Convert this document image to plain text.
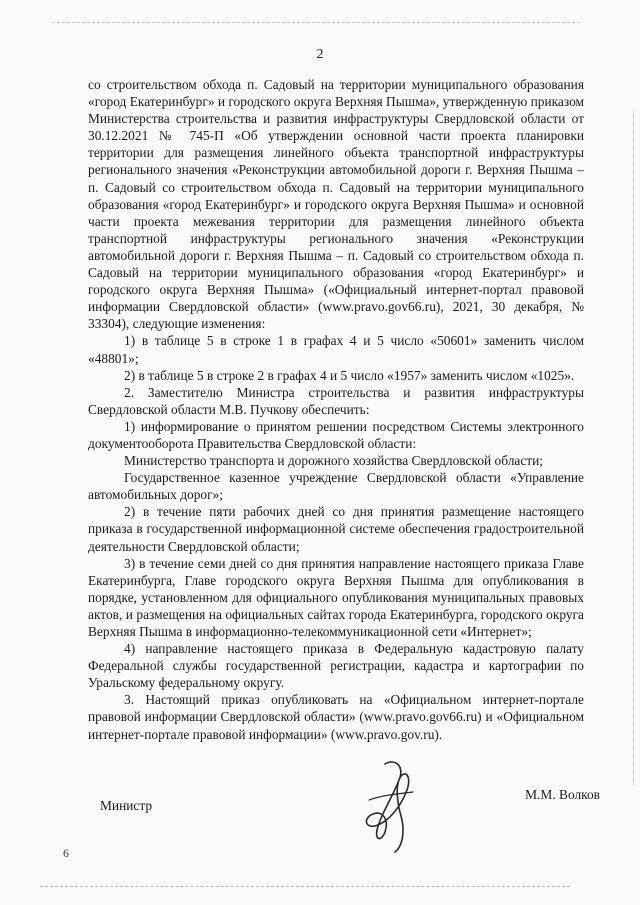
2

со строительством обхода п. Садовый на территории муниципального образования «город Екатеринбург» и городского округа Верхняя Пышма», утвержденную приказом Министерства строительства и развития инфраструктуры Свердловской области от 30.12.2021 № 745-П «Об утверждении основной части проекта планировки территории для размещения линейного объекта транспортной инфраструктуры регионального значения «Реконструкции автомобильной дороги г. Верхняя Пышма – п. Садовый со строительством обхода п. Садовый на территории муниципального образования «город Екатеринбург» и городского округа Верхняя Пышма» и основной части проекта межевания территории для размещения линейного объекта транспортной инфраструктуры регионального значения «Реконструкции автомобильной дороги г. Верхняя Пышма – п. Садовый со строительством обхода п. Садовый на территории муниципального образования «город Екатеринбург» и городского округа Верхняя Пышма» («Официальный интернет-портал правовой информации Свердловской области» (www.pravo.gov66.ru), 2021, 30 декабря, № 33304), следующие изменения:

1) в таблице 5 в строке 1 в графах 4 и 5 число «50601» заменить числом «48801»;

2) в таблице 5 в строке 2 в графах 4 и 5 число «1957» заменить числом «1025».

2. Заместителю Министра строительства и развития инфраструктуры Свердловской области М.В. Пучкову обеспечить:

1) информирование о принятом решении посредством Системы электронного документооборота Правительства Свердловской области:

Министерство транспорта и дорожного хозяйства Свердловской области;

Государственное казенное учреждение Свердловской области «Управление автомобильных дорог»;

2) в течение пяти рабочих дней со дня принятия размещение настоящего приказа в государственной информационной системе обеспечения градостроительной деятельности Свердловской области;

3) в течение семи дней со дня принятия направление настоящего приказа Главе Екатеринбурга, Главе городского округа Верхняя Пышма для опубликования в порядке, установленном для официального опубликования муниципальных правовых актов, и размещения на официальных сайтах города Екатеринбурга, городского округа Верхняя Пышма в информационно-телекоммуникационной сети «Интернет»;

4) направление настоящего приказа в Федеральную кадастровую палату Федеральной службы государственной регистрации, кадастра и картографии по Уральскому федеральному округу.

3. Настоящий приказ опубликовать на «Официальном интернет-портале правовой информации Свердловской области» (www.pravo.gov66.ru) и «Официальном интернет-портале правовой информации» (www.pravo.gov.ru).

Министр
М.М. Волков
6
